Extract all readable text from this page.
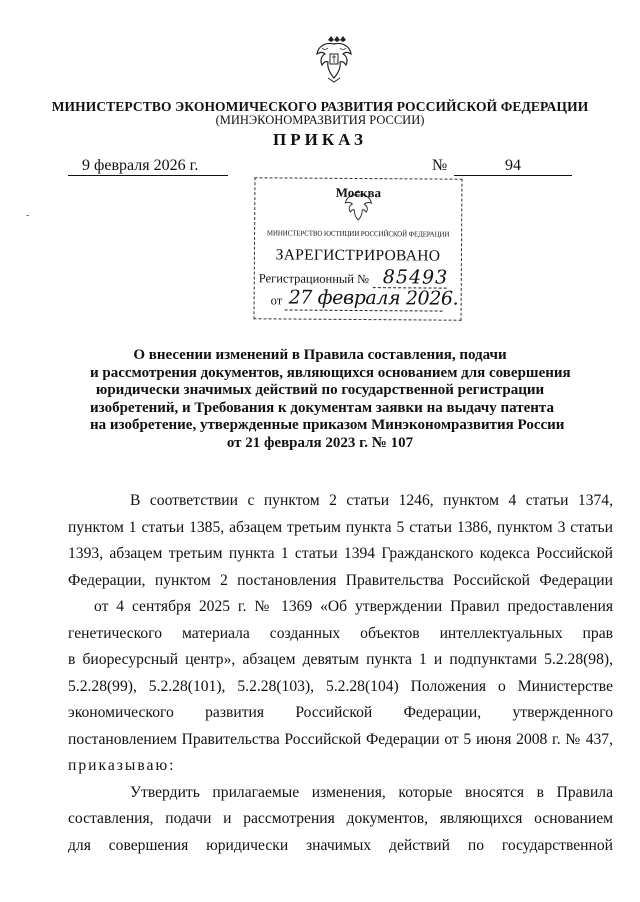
МИНИСТЕРСТВО ЭКОНОМИЧЕСКОГО РАЗВИТИЯ РОССИЙСКОЙ ФЕДЕРАЦИИ
(МИНЭКОНОМРАЗВИТИЯ РОССИИ)
ПРИКАЗ
9 февраля 2026 г.	№	94
-
Москва
МИНИСТЕРСТВО ЮСТИЦИИ РОССИЙСКОЙ ФЕДЕРАЦИИ
ЗАРЕГИСТРИРОВАНО
Регистрационный № 85493
от 27 февраля 2026.
О внесении изменений в Правила составления, подачи
и рассмотрения документов, являющихся основанием для совершения
юридически значимых действий по государственной регистрации
изобретений, и Требования к документам заявки на выдачу патента
на изобретение, утвержденные приказом Минэкономразвития России
от 21 февраля 2023 г. № 107
В соответствии с пунктом 2 статьи 1246, пунктом 4 статьи 1374,
пунктом 1 статьи 1385, абзацем третьим пункта 5 статьи 1386, пунктом 3 статьи
1393, абзацем третьим пункта 1 статьи 1394 Гражданского кодекса Российской
Федерации, пунктом 2 постановления Правительства Российской Федерации
от 4 сентября 2025 г. № 1369 «Об утверждении Правил предоставления
генетического материала созданных объектов интеллектуальных прав
в биоресурсный центр», абзацем девятым пункта 1 и подпунктами 5.2.28(98),
5.2.28(99), 5.2.28(101), 5.2.28(103), 5.2.28(104) Положения о Министерстве
экономического развития Российской Федерации, утвержденного
постановлением Правительства Российской Федерации от 5 июня 2008 г. № 437,
приказываю:
Утвердить прилагаемые изменения, которые вносятся в Правила
составления, подачи и рассмотрения документов, являющихся основанием
для совершения юридически значимых действий по государственной
